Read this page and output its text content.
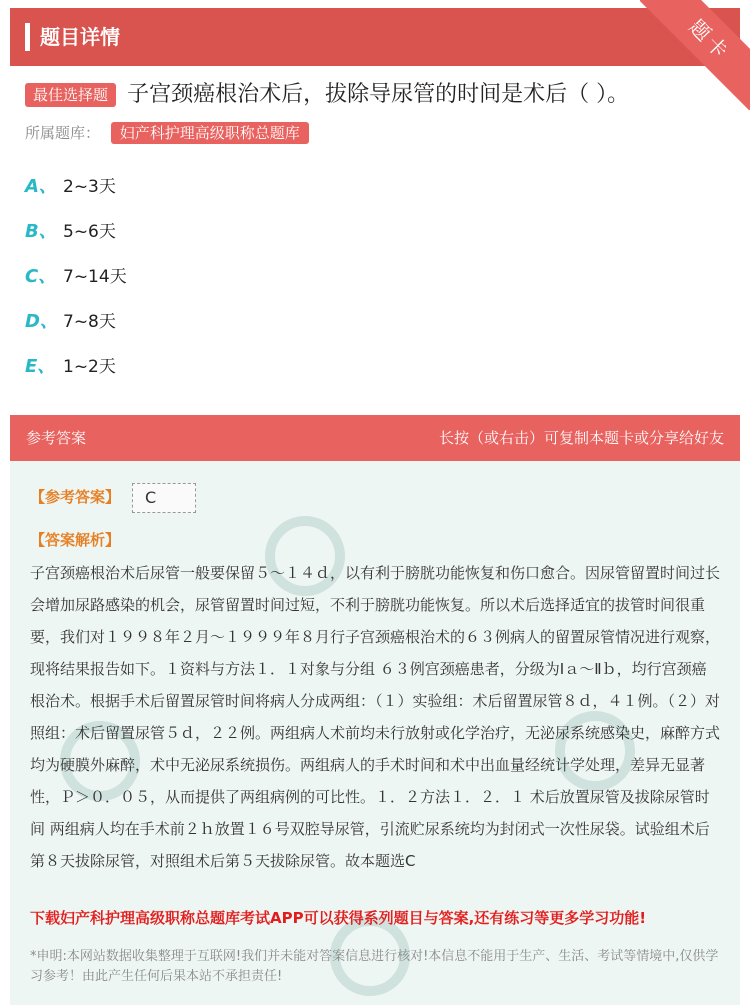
题目详情	题卡
最佳选择题 子宫颈癌根治术后，拔除导尿管的时间是术后（ ）。
所属题库： 妇产科护理高级职称总题库
A、 2~3天
B、 5~6天
C、 7~14天
D、 7~8天
E、 1~2天
参考答案	长按（或右击）可复制本题卡或分享给好友
【参考答案】	C
【答案解析】
子宫颈癌根治术后尿管一般要保留５～１４ｄ，以有利于膀胱功能恢复和伤口愈合。因尿管留置时间过长会增加尿路感染的机会，尿管留置时间过短，不利于膀胱功能恢复。所以术后选择适宜的拔管时间很重要，我们对１９９８年２月～１９９９年８月行子宫颈癌根治术的６３例病人的留置尿管情况进行观察，现将结果报告如下。１资料与方法１．１对象与分组 ６３例宫颈癌患者，分级为Ⅰａ～Ⅱｂ，均行宫颈癌根治术。根据手术后留置尿管时间将病人分成两组：（１）实验组：术后留置尿管８ｄ，４１例。（２）对照组：术后留置尿管５ｄ，２２例。两组病人术前均未行放射或化学治疗，无泌尿系统感染史，麻醉方式均为硬膜外麻醉，术中无泌尿系统损伤。两组病人的手术时间和术中出血量经统计学处理，差异无显著性，Ｐ＞０．０５，从而提供了两组病例的可比性。１．２方法１．２．１ 术后放置尿管及拔除尿管时间 两组病人均在手术前２ｈ放置１６号双腔导尿管，引流贮尿系统均为封闭式一次性尿袋。试验组术后第８天拔除尿管，对照组术后第５天拔除尿管。故本题选C
下载妇产科护理高级职称总题库考试APP可以获得系列题目与答案,还有练习等更多学习功能!
*申明:本网站数据收集整理于互联网!我们并未能对答案信息进行核对!本信息不能用于生产、生活、考试等情境中,仅供学习参考！由此产生任何后果本站不承担责任!
